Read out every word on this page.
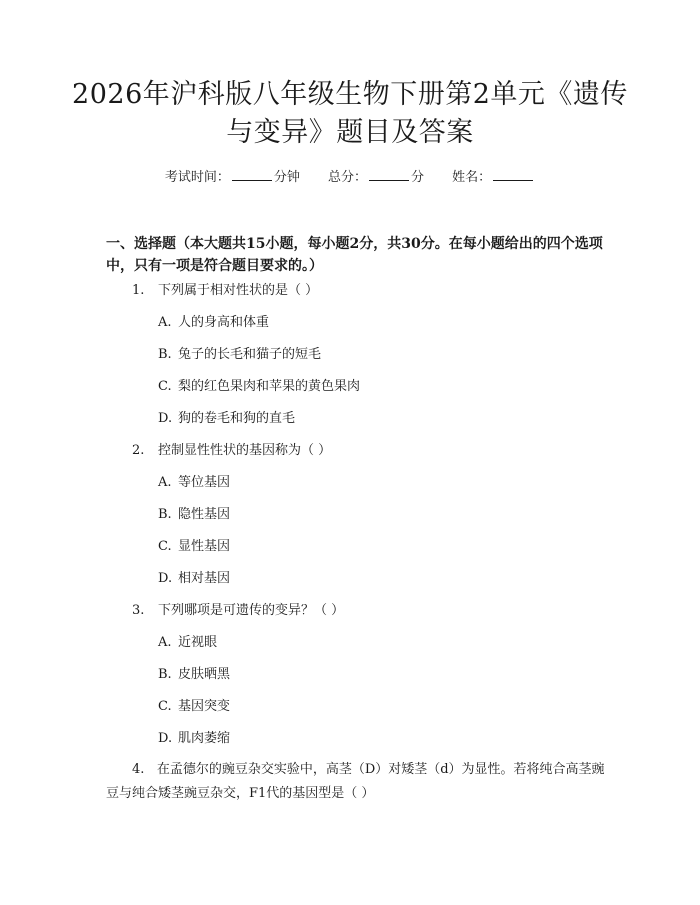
2026年沪科版八年级生物下册第2单元《遗传与变异》题目及答案
考试时间：	分钟 总分：	分 姓名：

一、选择题（本大题共15小题，每小题2分，共30分。在每小题给出的四个选项中，只有一项是符合题目要求的。）

1. 下列属于相对性状的是（ ）
A. 人的身高和体重
B. 兔子的长毛和猫子的短毛
C. 梨的红色果肉和苹果的黄色果肉
D. 狗的卷毛和狗的直毛
2. 控制显性性状的基因称为（ ）
A. 等位基因
B. 隐性基因
C. 显性基因
D. 相对基因
3. 下列哪项是可遗传的变异？（ ）
A. 近视眼
B. 皮肤晒黑
C. 基因突变
D. 肌肉萎缩
4. 在孟德尔的豌豆杂交实验中，高茎（D）对矮茎（d）为显性。若将纯合高茎豌豆与纯合矮茎豌豆杂交，F1代的基因型是（ ）
